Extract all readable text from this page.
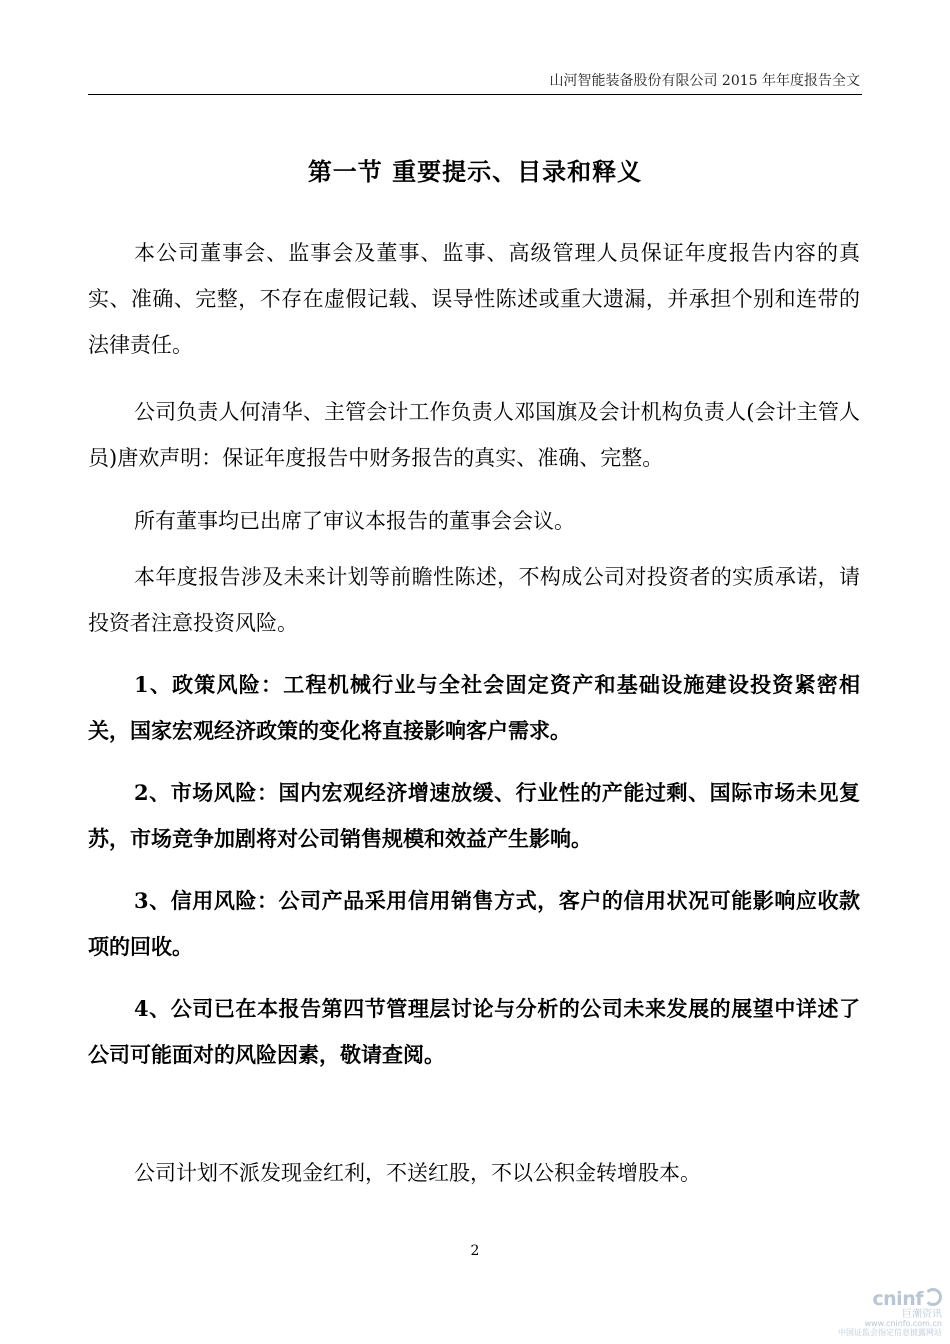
山河智能装备股份有限公司 2015 年年度报告全文
第一节 重要提示、目录和释义

本公司董事会、监事会及董事、监事、高级管理人员保证年度报告内容的真实、准确、完整，不存在虚假记载、误导性陈述或重大遗漏，并承担个别和连带的法律责任。

公司负责人何清华、主管会计工作负责人邓国旗及会计机构负责人(会计主管人员)唐欢声明：保证年度报告中财务报告的真实、准确、完整。

所有董事均已出席了审议本报告的董事会会议。

本年度报告涉及未来计划等前瞻性陈述，不构成公司对投资者的实质承诺，请投资者注意投资风险。

1、政策风险：工程机械行业与全社会固定资产和基础设施建设投资紧密相关，国家宏观经济政策的变化将直接影响客户需求。

2、市场风险：国内宏观经济增速放缓、行业性的产能过剩、国际市场未见复苏，市场竞争加剧将对公司销售规模和效益产生影响。

3、信用风险：公司产品采用信用销售方式，客户的信用状况可能影响应收款项的回收。

4、公司已在本报告第四节管理层讨论与分析的公司未来发展的展望中详述了公司可能面对的风险因素，敬请查阅。

公司计划不派发现金红利，不送红股，不以公积金转增股本。

2
cninf
巨潮资讯
www.cninfo.com.cn
中国证监会指定信息披露网站
